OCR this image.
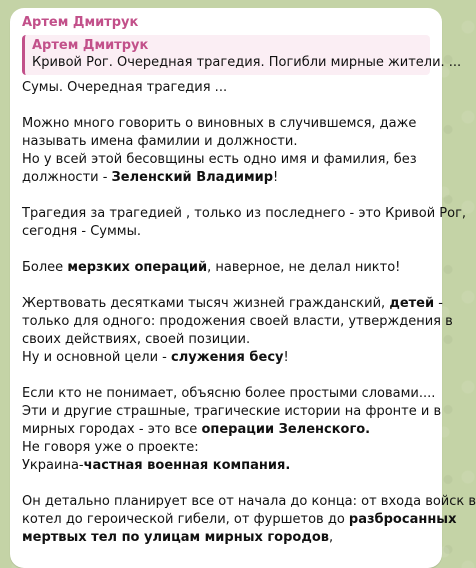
Артем Дмитрук
Артем Дмитрук
Кривой Рог. Очередная трагедия. Погибли мирные жители. ...
Сумы. Очередная трагедия ...
Можно много говорить о виновных в случившемся, даже
называть имена фамилии и должности.
Но у всей этой бесовщины есть одно имя и фамилия, без
должности - Зеленский Владимир!
Трагедия за трагедией , только из последнего - это Кривой Рог,
сегодня - Суммы.
Более мерзких операций, наверное, не делал никто!
Жертвовать десятками тысяч жизней гражданский, детей -
только для одного: продожения своей власти, утверждения в
своих действиях, своей позиции.
Ну и основной цели - служения бесу!
Если кто не понимает, объясню более простыми словами....
Эти и другие страшные, трагические истории на фронте и в
мирных городах - это все операции Зеленского.
Не говоря уже о проекте:
Украина-частная военная компания.
Он детально планирует все от начала до конца: от входа войск в
котел до героической гибели, от фуршетов до разбросанных
мертвых тел по улицам мирных городов,
